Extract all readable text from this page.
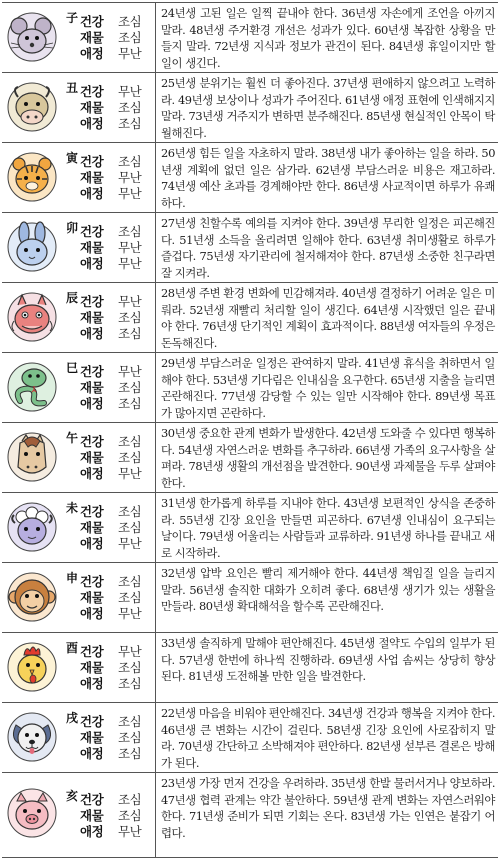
子 건강	조심
재물	조심
애정	무난
24년생 고된 일은 일찍 끝내야 한다. 36년생 자손에게 조언을 아끼지 말라. 48년생 주거환경 개선은 성과가 있다. 60년생 복잡한 상황을 만들지 말라. 72년생 지식과 정보가 관건이 된다. 84년생 휴일이지만 할 일이 생긴다.
丑 건강	무난
재물	조심
애정	조심
25년생 분위기는 훨씬 더 좋아진다. 37년생 편애하지 않으려고 노력하라. 49년생 보상이나 성과가 주어진다. 61년생 애정 표현에 인색해지지 말라. 73년생 거주지가 변하면 분주해진다. 85년생 현실적인 안목이 탁월해진다.
寅 건강	조심
재물	무난
애정	무난
26년생 힘든 일을 자초하지 말라. 38년생 내가 좋아하는 일을 하라. 50년생 계획에 없던 일은 삼가라. 62년생 부담스러운 비용은 재고하라. 74년생 예산 초과를 경계해야만 한다. 86년생 사교적이면 하루가 유쾌하다.
卯 건강	조심
재물	무난
애정	무난
27년생 친할수록 예의를 지켜야 한다. 39년생 무리한 일정은 피곤해진다. 51년생 소득을 올리려면 일해야 한다. 63년생 취미생활로 하루가 즐겁다. 75년생 자기관리에 철저해져야 한다. 87년생 소중한 친구라면 잘 지켜라.
辰 건강	무난
재물	조심
애정	조심
28년생 주변 환경 변화에 민감해져라. 40년생 결정하기 어려운 일은 미뤄라. 52년생 재빨리 처리할 일이 생긴다. 64년생 시작했던 일은 끝내야 한다. 76년생 단기적인 계획이 효과적이다. 88년생 여자들의 우정은 돈독해진다.
巳 건강	무난
재물	조심
애정	조심
29년생 부담스러운 일정은 관여하지 말라. 41년생 휴식을 취하면서 일해야 한다. 53년생 기다림은 인내심을 요구한다. 65년생 지출을 늘리면 곤란해진다. 77년생 감당할 수 있는 일만 시작해야 한다. 89년생 목표가 많아지면 곤란하다.
午 건강	조심
재물	조심
애정	무난
30년생 중요한 관계 변화가 발생한다. 42년생 도와줄 수 있다면 행복하다. 54년생 자연스러운 변화를 추구하라. 66년생 가족의 요구사항을 살펴라. 78년생 생활의 개선점을 발견한다. 90년생 과제물을 두루 살펴야 한다.
未 건강	조심
재물	조심
애정	무난
31년생 한가롭게 하루를 지내야 한다. 43년생 보편적인 상식을 존중하라. 55년생 긴장 요인을 만들면 피곤하다. 67년생 인내심이 요구되는 날이다. 79년생 어울리는 사람들과 교류하라. 91년생 하나를 끝내고 새로 시작하라.
申 건강	조심
재물	조심
애정	무난
32년생 압박 요인은 빨리 제거해야 한다. 44년생 책임질 일을 늘리지 말라. 56년생 솔직한 대화가 오히려 좋다. 68년생 생기가 있는 생활을 만들라. 80년생 확대해석을 할수록 곤란해진다.
酉 건강	무난
재물	조심
애정	조심
33년생 솔직하게 말해야 편안해진다. 45년생 절약도 수입의 일부가 된다. 57년생 한번에 하나씩 진행하라. 69년생 사업 솜씨는 상당히 향상된다. 81년생 도전해볼 만한 일을 발견한다.
戌 건강	조심
재물	조심
애정	조심
22년생 마음을 비워야 편안해진다. 34년생 건강과 행복을 지켜야 한다. 46년생 큰 변화는 시간이 걸린다. 58년생 긴장 요인에 사로잡히지 말라. 70년생 간단하고 소박해져야 편안하다. 82년생 섣부른 결론은 방해가 된다.
亥 건강	조심
재물	조심
애정	무난
23년생 가장 먼저 건강을 우려하라. 35년생 한발 물러서거나 양보하라. 47년생 협력 관계는 약간 불안하다. 59년생 관계 변화는 자연스러워야 한다. 71년생 준비가 되면 기회는 온다. 83년생 가는 인연은 붙잡기 어렵다.
